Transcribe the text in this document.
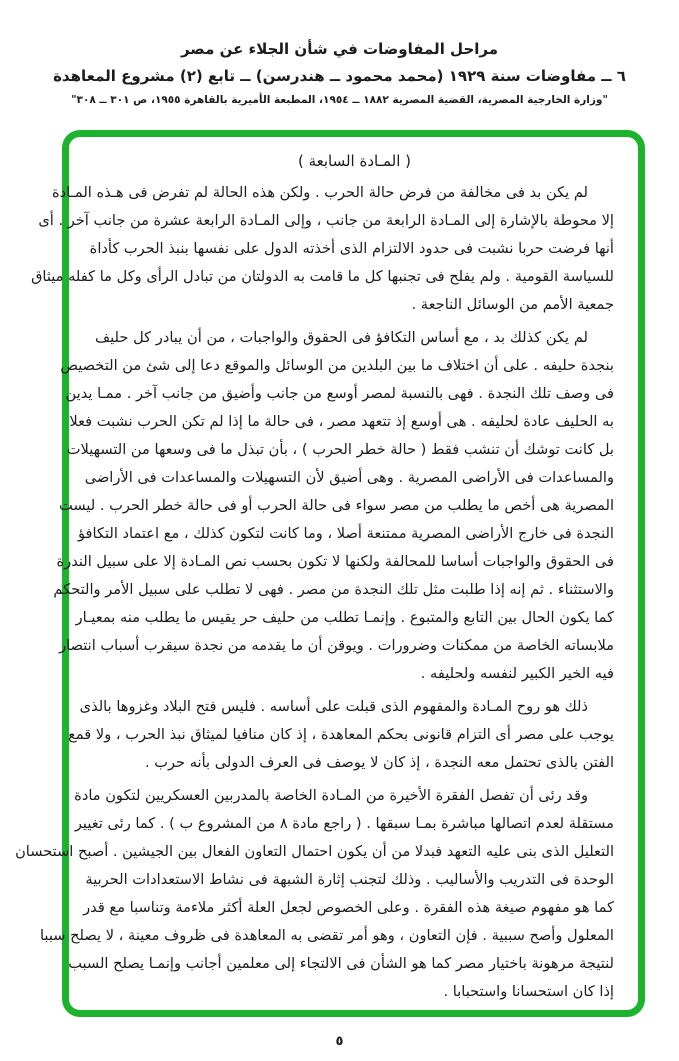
مراحل المفاوضات في شأن الجلاء عن مصر
٦ ــ مفاوضات سنة ١٩٢٩ (محمد محمود ــ هندرسن) ــ تابع (٢) مشروع المعاهدة
"وزارة الخارجية المصرية، القضية المصرية ١٨٨٢ ــ ١٩٥٤، المطبعة الأميرية بالقاهرة ١٩٥٥، ص ٣٠١ ــ ٣٠٨"
( المـادة السابعة )
لم يكن بد فى مخالفة من فرض حالة الحرب . ولكن هذه الحالة لم تفرض فى هـذه المـادة
إلا محوطة بالإشارة إلى المـادة الرابعة من جانب ، وإلى المـادة الرابعة عشرة من جانب آخر . أى
أنها فرضت حربا نشبت فى حدود الالتزام الذى أخذته الدول على نفسها بنبذ الحرب كأداة
للسياسة القومية . ولم يفلح فى تجنبها كل ما قامت به الدولتان من تبادل الرأى وكل ما كفله ميثاق
جمعية الأمم من الوسائل الناجعة .
لم يكن كذلك بد ، مع أساس التكافؤ فى الحقوق والواجبات ، من أن يبادر كل حليف
بنجدة حليفه . على أن اختلاف ما بين البلدين من الوسائل والموقع دعا إلى شئ من التخصيص
فى وصف تلك النجدة . فهى بالنسبة لمصر أوسع من جانب وأضيق من جانب آخر . ممـا يدين
به الحليف عادة لحليفه . هى أوسع إذ تتعهد مصر ، فى حالة ما إذا لم تكن الحرب نشبت فعلا
بل كانت توشك أن تنشب فقط ( حالة خطر الحرب ) ، بأن تبذل ما فى وسعها من التسهيلات
والمساعدات فى الأراضى المصرية . وهى أضيق لأن التسهيلات والمساعدات فى الأراضى
المصرية هى أخص ما يطلب من مصر سواء فى حالة الحرب أو فى حالة خطر الحرب . ليست
النجدة فى خارج الأراضى المصرية ممتنعة أصلا ، وما كانت لتكون كذلك ، مع اعتماد التكافؤ
فى الحقوق والواجبات أساسا للمحالفة ولكنها لا تكون بحسب نص المـادة إلا على سبيل الندرة
والاستثناء . ثم إنه إذا طلبت مثل تلك النجدة من مصر . فهى لا تطلب على سبيل الأمر والتحكم
كما يكون الحال بين التابع والمتبوع . وإنمـا تطلب من حليف حر يقيس ما يطلب منه بمعيـار
ملابساته الخاصة من ممكنات وضرورات . ويوقن أن ما يقدمه من نجدة سيقرب أسباب انتصار
فيه الخير الكبير لنفسه ولحليفه .
ذلك هو روح المـادة والمفهوم الذى قبلت على أساسه . فليس فتح البلاد وغزوها بالذى
يوجب على مصر أى التزام قانونى بحكم المعاهدة ، إذ كان منافيا لميثاق نبذ الحرب ، ولا قمع
الفتن بالذى تحتمل معه النجدة ، إذ كان لا يوصف فى العرف الدولى بأنه حرب .
وقد رئى أن تفصل الفقرة الأخيرة من المـادة الخاصة بالمدربين العسكريين لتكون مادة
مستقلة لعدم اتصالها مباشرة بمـا سبقها . ( راجع مادة ٨ من المشروع ب ) . كما رئى تغيير
التعليل الذى بنى عليه التعهد فبدلا من أن يكون احتمال التعاون الفعال بين الجيشين . أصبح استحسان
الوحدة فى التدريب والأساليب . وذلك لتجنب إثارة الشبهة فى نشاط الاستعدادات الحربية
كما هو مفهوم صيغة هذه الفقرة . وعلى الخصوص لجعل العلة أكثر ملاءمة وتناسبا مع قدر
المعلول وأصح سببية . فإن التعاون ، وهو أمر تقضى به المعاهدة فى ظروف معينة ، لا يصلح سببا
لنتيجة مرهونة باختيار مصر كما هو الشأن فى الالتجاء إلى معلمين أجانب وإنمـا يصلح السبب
إذا كان استحسانا واستحبابا .
٥
